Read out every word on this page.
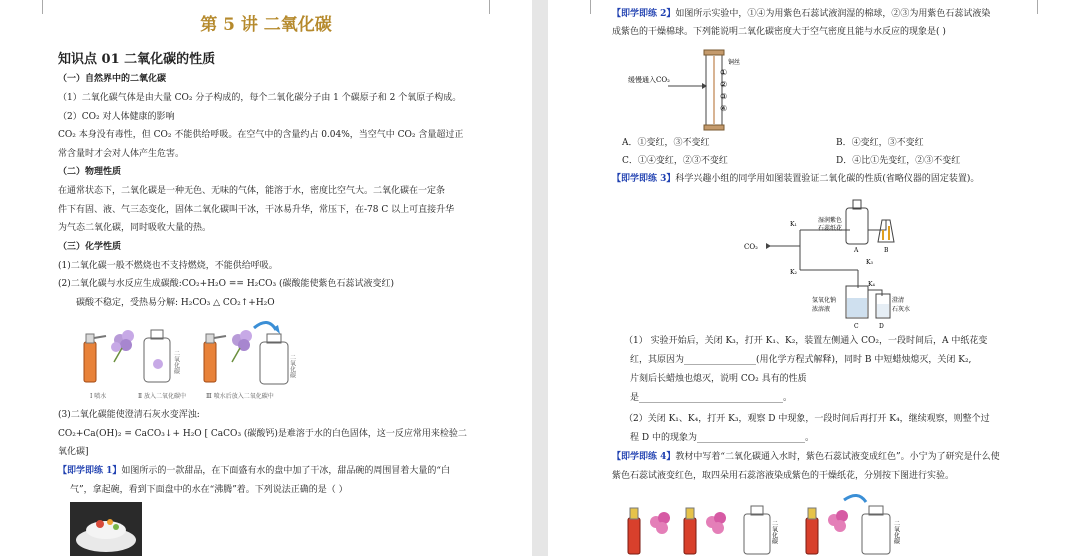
第 5 讲 二氧化碳
知识点 01 二氧化碳的性质
（一）自然界中的二氧化碳
（1）二氧化碳气体是由大量 CO₂ 分子构成的，每个二氧化碳分子由 1 个碳原子和 2 个氧原子构成。
（2）CO₂ 对人体健康的影响
CO₂ 本身没有毒性，但 CO₂ 不能供给呼吸。在空气中的含量约占 0.04%，当空气中 CO₂ 含量超过正
常含量时才会对人体产生危害。
（二）物理性质
在通常状态下，二氧化碳是一种无色、无味的气体，能溶于水，密度比空气大。二氧化碳在一定条
件下有固、液、气三态变化，固体二氧化碳叫干冰，干冰易升华，常压下，在-78 C 以上可直接升华
为气态二氧化碳，同时吸收大量的热。
（三）化学性质
(1)二氧化碳一般不燃烧也不支持燃烧，不能供给呼吸。
(2)二氧化碳与水反应生成碳酸:CO₂+H₂O == H₂CO₃ (碳酸能使紫色石蕊试液变红)
碳酸不稳定，受热易分解: H₂CO₃ △ CO₂↑+H₂O
二氧化碳	二氧化碳
Ⅰ 喷水	Ⅱ 放入二氧化碳中	Ⅲ 喷水后放入二氧化碳中
(3)二氧化碳能使澄清石灰水变浑浊:
CO₂+Ca(OH)₂ = CaCO₃↓+ H₂O [ CaCO₃ (碳酸钙)是难溶于水的白色固体，这一反应常用来检验二
氧化碳]
【即学即练 1】如图所示的一款甜品，在下面盛有水的盘中加了干冰，甜品碗的周围冒着大量的“白
气”，拿起碗，看到下面盘中的水在“沸腾”着。下列说法正确的是（ ）
【即学即练 2】如图所示实验中，①④为用紫色石蕊试液润湿的棉球，②③为用紫色石蕊试液染
成紫色的干燥棉球。下列能说明二氧化碳密度大于空气密度且能与水反应的现象是( )
缓慢通入CO₂
铜丝
①
②
③
④
A．①变红，③不变红	B．④变红，③不变红
C．①④变红，②③不变红	D．④比①先变红，②③不变红
【即学即练 3】科学兴趣小组的同学用如图装置验证二氧化碳的性质(省略仪器的固定装置)。
CO₂
K₁
K₂
A
湿润紫色
石蕊纸花
B
K₃
C
K₄
D
氢氧化钠
浓溶液
澄清
石灰水
（1） 实验开始后，关闭 K₃，打开 K₁、K₂，装置左侧通入 CO₂，一段时间后，A 中纸花变
红，其原因为________________(用化学方程式解释)，同时 B 中短蜡烛熄灭，关闭 K₂,
片刻后长蜡烛也熄灭，说明 CO₂ 具有的性质
是________________________________。
（2）关闭 K₁、K₄，打开 K₃，观察 D 中现象，一段时间后再打开 K₄，继续观察，则整个过
程 D 中的现象为________________________。
【即学即练 4】教材中写着“二氧化碳通入水时，紫色石蕊试液变成红色”。小宁为了研究是什么使
紫色石蕊试液变红色，取四朵用石蕊溶液染成紫色的干燥纸花，分别按下图进行实验。
二氧化碳	二氧化碳
